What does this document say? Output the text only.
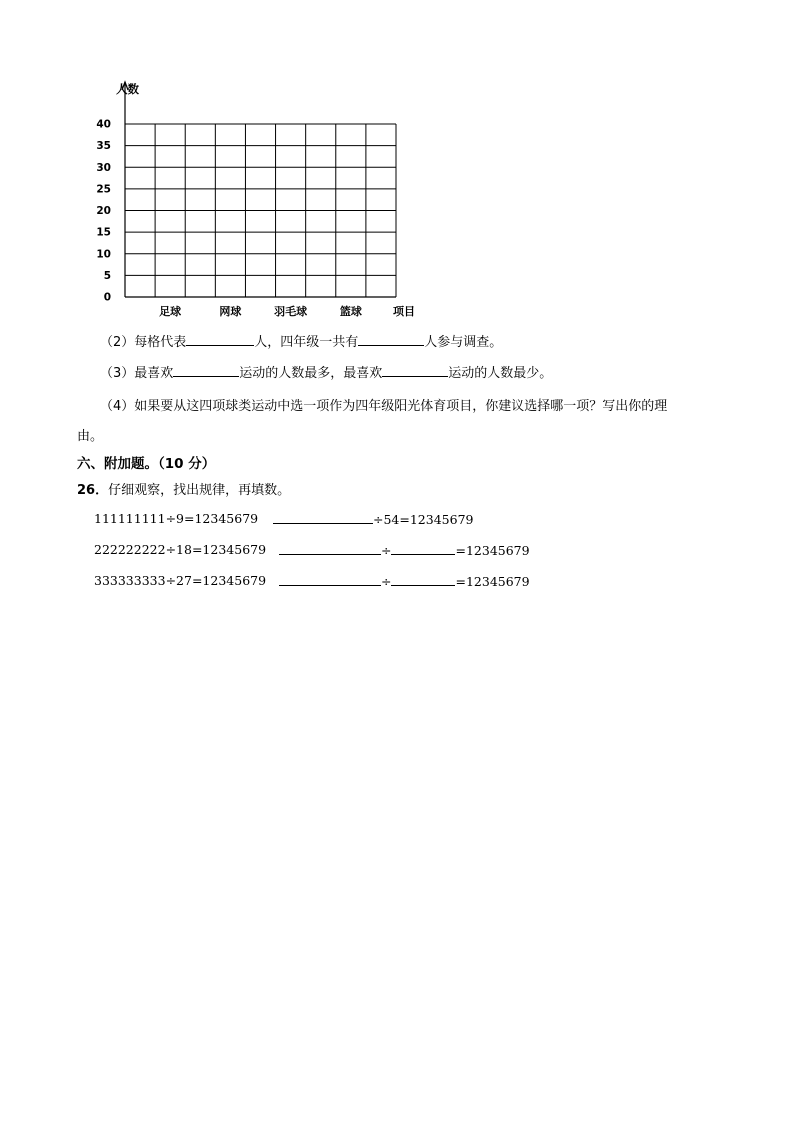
0
5
10
15
20
25
30
35
40
足球	网球	羽毛球	篮球
人数
项目
（2）每格代表	人，四年级一共有	人参与调查。
（3）最喜欢	运动的人数最多，最喜欢	运动的人数最少。
（4）如果要从这四项球类运动中选一项作为四年级阳光体育项目，你建议选择哪一项？写出你的理
由。
六、附加题。（10 分）
26．仔细观察，找出规律，再填数。
111111111÷9=12345679	÷54=12345679
222222222÷18=12345679	÷	=12345679
333333333÷27=12345679	÷	=12345679
